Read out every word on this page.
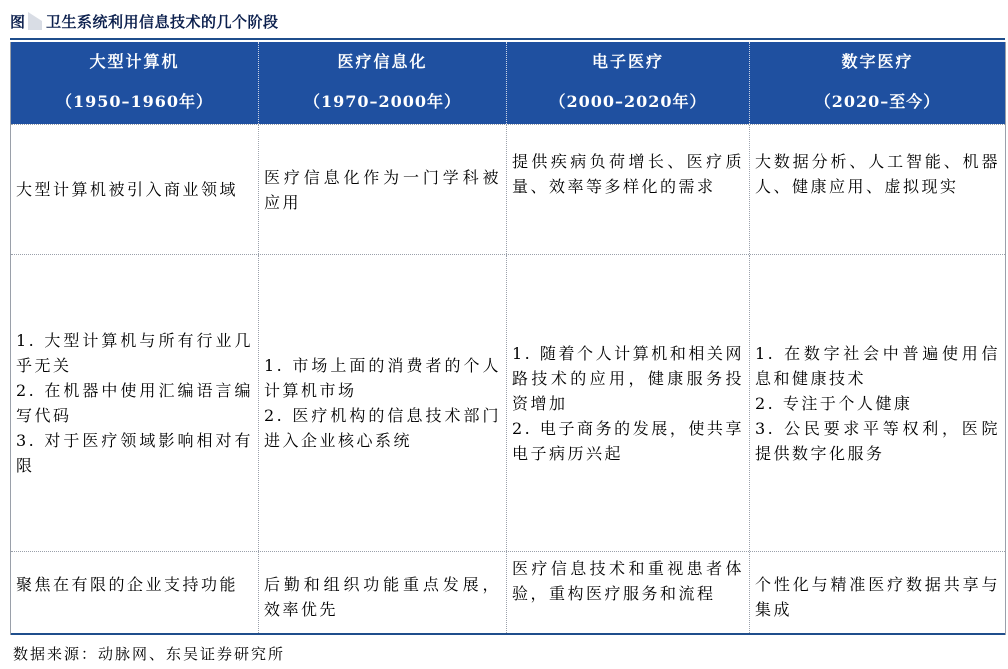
图 卫生系统利用信息技术的几个阶段
大型计算机
（1950–1960年）
医疗信息化
（1970–2000年）
电子医疗
（2000–2020年）
数字医疗
（2020–至今）
大型计算机被引入商业领域
医疗信息化作为一门学科被应用
提供疾病负荷增长、医疗质量、效率等多样化的需求
大数据分析、人工智能、机器人、健康应用、虚拟现实
1. 大型计算机与所有行业几乎无关
2. 在机器中使用汇编语言编写代码
3. 对于医疗领域影响相对有限
1. 市场上面的消费者的个人计算机市场
2. 医疗机构的信息技术部门进入企业核心系统
1. 随着个人计算机和相关网路技术的应用，健康服务投资增加
2. 电子商务的发展，使共享电子病历兴起
1. 在数字社会中普遍使用信息和健康技术
2. 专注于个人健康
3. 公民要求平等权利，医院提供数字化服务
聚焦在有限的企业支持功能	后勤和组织功能重点发展，效率优先
医疗信息技术和重视患者体验，重构医疗服务和流程	个性化与精准医疗数据共享与集成
数据来源：动脉网、东吴证券研究所
